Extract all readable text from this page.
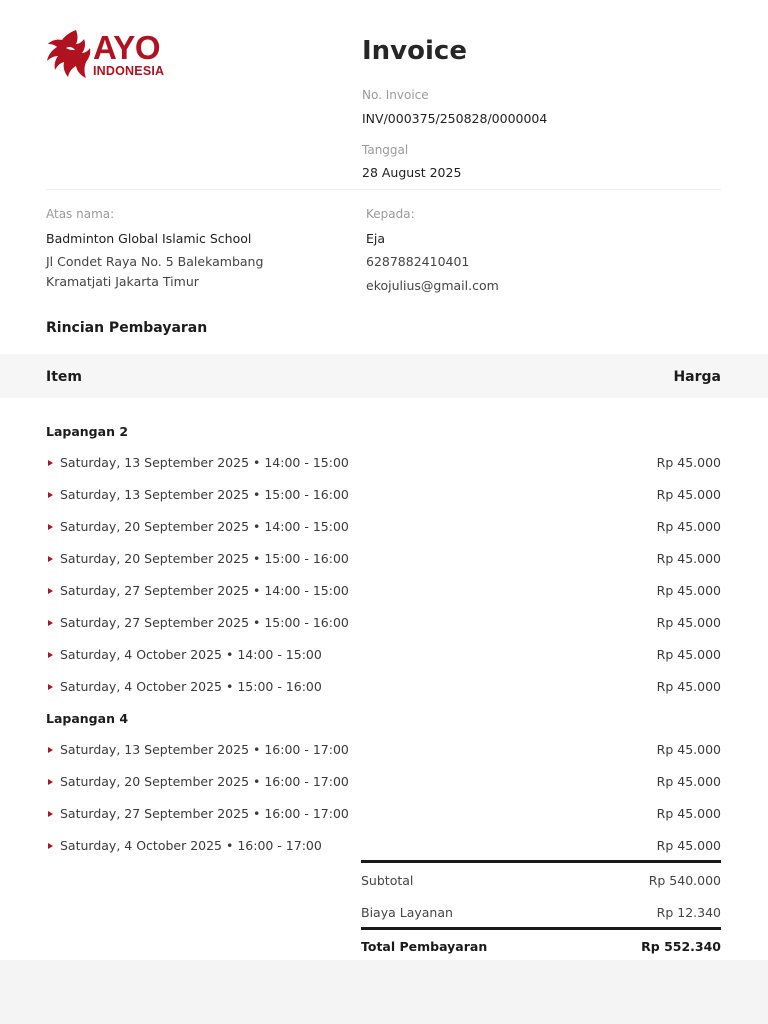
AYO
INDONESIA
Invoice
No. Invoice
INV/000375/250828/0000004
Tanggal
28 August 2025
Atas nama:
Badminton Global Islamic School
Jl Condet Raya No. 5 Balekambang
Kramatjati Jakarta Timur
Kepada:
Eja
6287882410401
ekojulius@gmail.com
Rincian Pembayaran
Item	Harga
Lapangan 2
Saturday, 13 September 2025 • 14:00 - 15:00	Rp 45.000
Saturday, 13 September 2025 • 15:00 - 16:00	Rp 45.000
Saturday, 20 September 2025 • 14:00 - 15:00	Rp 45.000
Saturday, 20 September 2025 • 15:00 - 16:00	Rp 45.000
Saturday, 27 September 2025 • 14:00 - 15:00	Rp 45.000
Saturday, 27 September 2025 • 15:00 - 16:00	Rp 45.000
Saturday, 4 October 2025 • 14:00 - 15:00	Rp 45.000
Saturday, 4 October 2025 • 15:00 - 16:00	Rp 45.000
Lapangan 4
Saturday, 13 September 2025 • 16:00 - 17:00	Rp 45.000
Saturday, 20 September 2025 • 16:00 - 17:00	Rp 45.000
Saturday, 27 September 2025 • 16:00 - 17:00	Rp 45.000
Saturday, 4 October 2025 • 16:00 - 17:00	Rp 45.000
Subtotal	Rp 540.000
Biaya Layanan	Rp 12.340
Total Pembayaran	Rp 552.340
